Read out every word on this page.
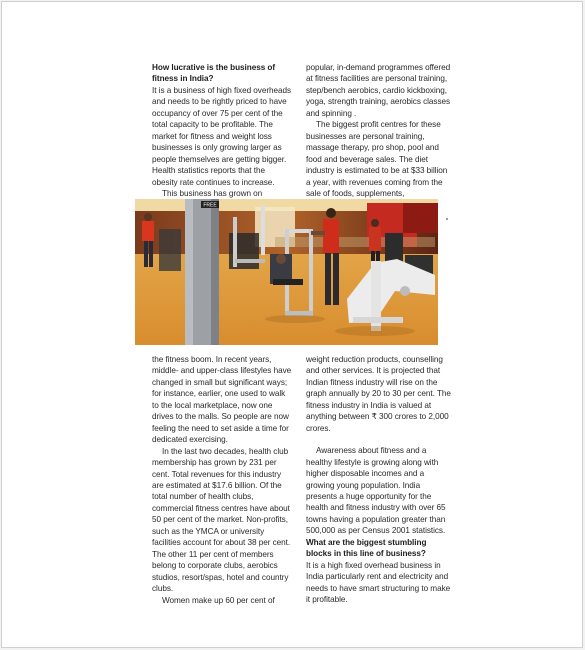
How lucrative is the business of fitness in India?

It is a business of high fixed overheads and needs to be rightly priced to have occupancy of over 75 per cent of the total capacity to be profitable. The market for fitness and weight loss businesses is only growing larger as people themselves are getting bigger. Health statistics reports that the obesity rate continues to increase.

This business has grown on

popular, in-demand programmes offered at fitness facilities are personal training, step/bench aerobics, cardio kickboxing, yoga, strength training, aerobics classes and spinning .

The biggest profit centres for these businesses are personal training, massage therapy, pro shop, pool and food and beverage sales. The diet industry is estimated to be at $33 billion a year, with revenues coming from the sale of foods, supplements,

FREE

the fitness boom. In recent years, middle- and upper-class lifestyles have changed in small but significant ways; for instance, earlier, one used to walk to the local marketplace, now one drives to the malls. So people are now feeling the need to set aside a time for dedicated exercising.

In the last two decades, health club membership has grown by 231 per cent. Total revenues for this industry are estimated at $17.6 billion. Of the total number of health clubs, commercial fitness centres have about 50 per cent of the market. Non-profits, such as the YMCA or university facilities account for about 38 per cent. The other 11 per cent of members belong to corporate clubs, aerobics studios, resort/spas, hotel and country clubs.

Women make up 60 per cent of

weight reduction products, counselling and other services. It is projected that Indian fitness industry will rise on the graph annually by 20 to 30 per cent. The fitness industry in India is valued at anything between ₹ 300 crores to 2,000 crores.

Awareness about fitness and a healthy lifestyle is growing along with higher disposable incomes and a growing young population. India presents a huge opportunity for the health and fitness industry with over 65 towns having a population greater than 500,000 as per Census 2001 statistics.

What are the biggest stumbling blocks in this line of business?

It is a high fixed overhead business in India particularly rent and electricity and needs to have smart structuring to make it profitable.
